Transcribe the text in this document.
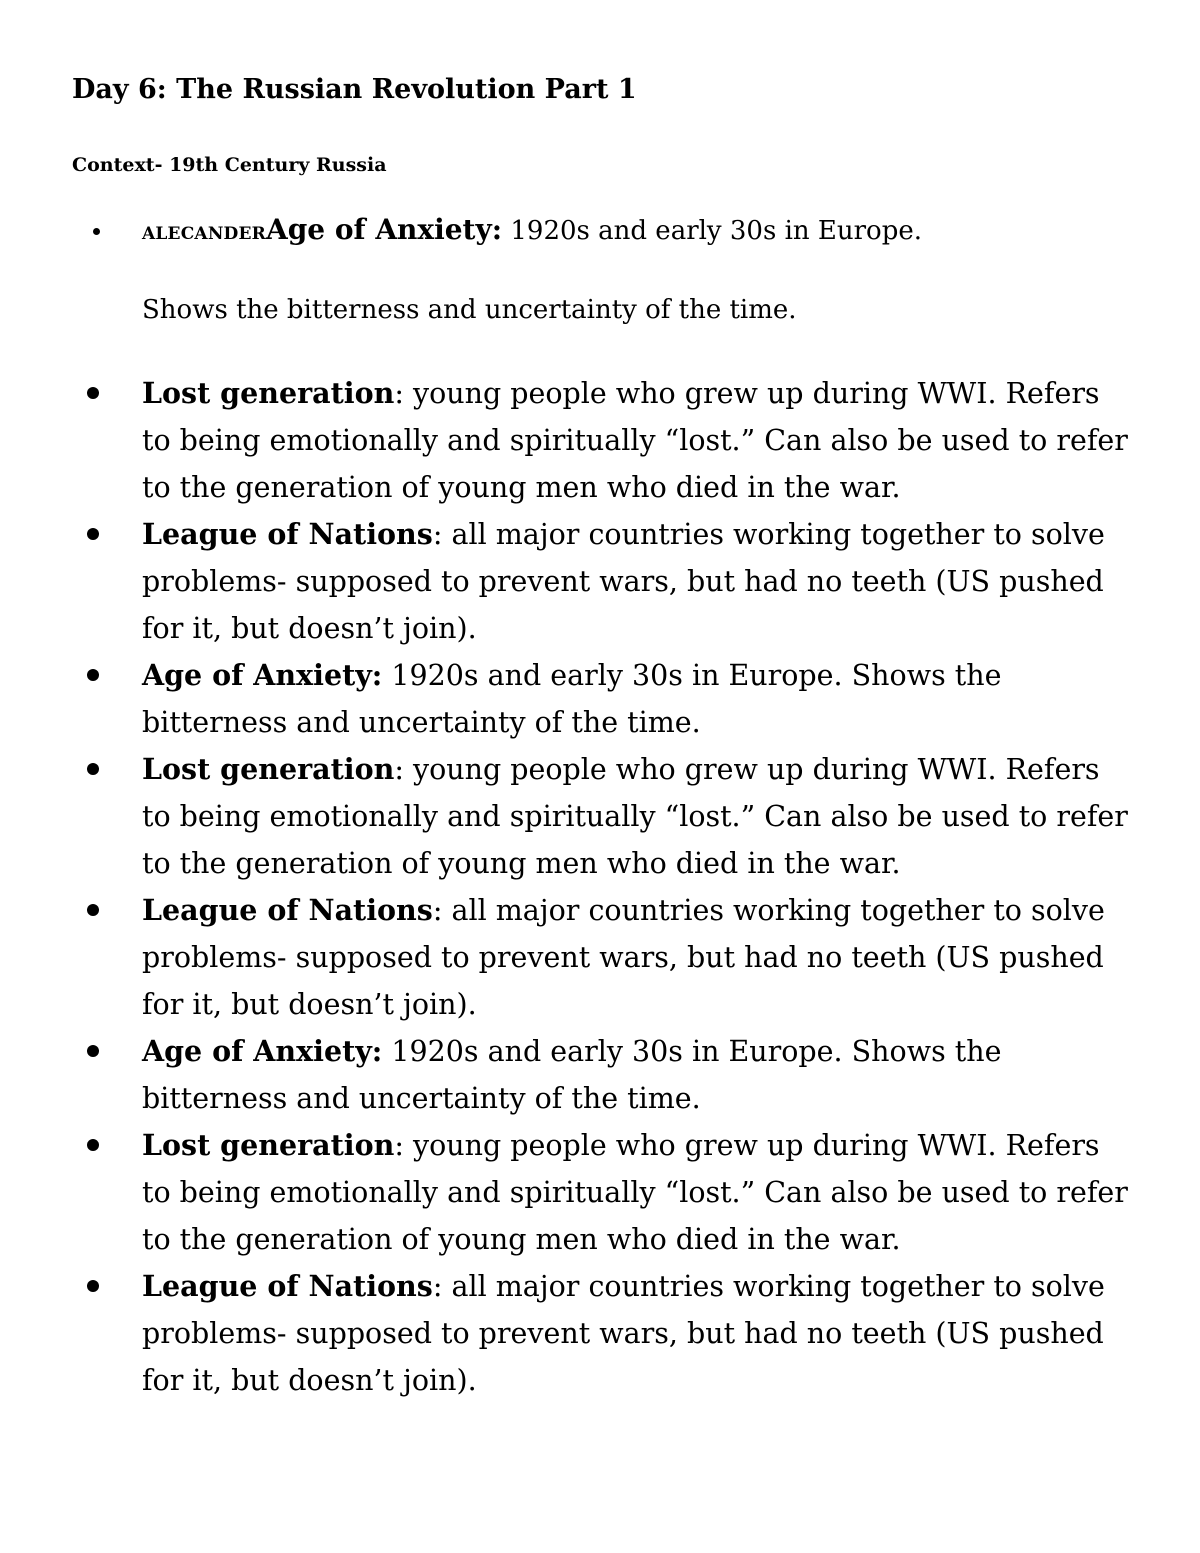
Day 6: The Russian Revolution Part 1
Context- 19th Century Russia
ALECANDERAge of Anxiety: 1920s and early 30s in Europe.
Shows the bitterness and uncertainty of the time.
Lost generation: young people who grew up during WWI. Refers to being emotionally and spiritually “lost.” Can also be used to refer to the generation of young men who died in the war.
League of Nations: all major countries working together to solve problems- supposed to prevent wars, but had no teeth (US pushed for it, but doesn’t join).
Age of Anxiety: 1920s and early 30s in Europe. Shows the bitterness and uncertainty of the time.
Lost generation: young people who grew up during WWI. Refers to being emotionally and spiritually “lost.” Can also be used to refer to the generation of young men who died in the war.
League of Nations: all major countries working together to solve problems- supposed to prevent wars, but had no teeth (US pushed for it, but doesn’t join).
Age of Anxiety: 1920s and early 30s in Europe. Shows the bitterness and uncertainty of the time.
Lost generation: young people who grew up during WWI. Refers to being emotionally and spiritually “lost.” Can also be used to refer to the generation of young men who died in the war.
League of Nations: all major countries working together to solve problems- supposed to prevent wars, but had no teeth (US pushed for it, but doesn’t join).
